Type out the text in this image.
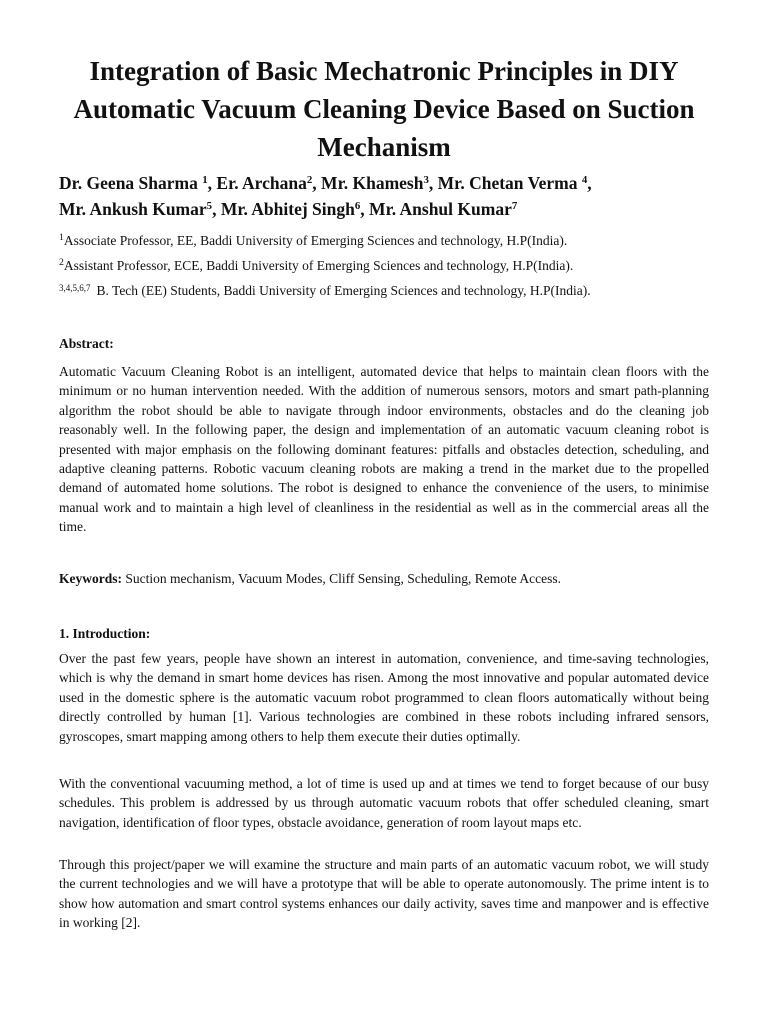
Integration of Basic Mechatronic Principles in DIY Automatic Vacuum Cleaning Device Based on Suction Mechanism

Dr. Geena Sharma $^1$, Er. Archana$^2$, Mr. Khamesh$^3$, Mr. Chetan Verma $^4$,
Mr. Ankush Kumar$^5$, Mr. Abhitej Singh$^6$, Mr. Anshul Kumar$^7$

$^1$Associate Professor, EE, Baddi University of Emerging Sciences and technology, H.P(India).

$^2$Assistant Professor, ECE, Baddi University of Emerging Sciences and technology, H.P(India).

$^{3,4,5,6,7}$ B. Tech (EE) Students, Baddi University of Emerging Sciences and technology, H.P(India).

Abstract:

Automatic Vacuum Cleaning Robot is an intelligent, automated device that helps to maintain clean floors with the minimum or no human intervention needed. With the addition of numerous sensors, motors and smart path-planning algorithm the robot should be able to navigate through indoor environments, obstacles and do the cleaning job reasonably well. In the following paper, the design and implementation of an automatic vacuum cleaning robot is presented with major emphasis on the following dominant features: pitfalls and obstacles detection, scheduling, and adaptive cleaning patterns. Robotic vacuum cleaning robots are making a trend in the market due to the propelled demand of automated home solutions. The robot is designed to enhance the convenience of the users, to minimise manual work and to maintain a high level of cleanliness in the residential as well as in the commercial areas all the time.

Keywords: Suction mechanism, Vacuum Modes, Cliff Sensing, Scheduling, Remote Access.

1. Introduction:

Over the past few years, people have shown an interest in automation, convenience, and time-saving technologies, which is why the demand in smart home devices has risen. Among the most innovative and popular automated device used in the domestic sphere is the automatic vacuum robot programmed to clean floors automatically without being directly controlled by human [1]. Various technologies are combined in these robots including infrared sensors, gyroscopes, smart mapping among others to help them execute their duties optimally.

With the conventional vacuuming method, a lot of time is used up and at times we tend to forget because of our busy schedules. This problem is addressed by us through automatic vacuum robots that offer scheduled cleaning, smart navigation, identification of floor types, obstacle avoidance, generation of room layout maps etc.

Through this project/paper we will examine the structure and main parts of an automatic vacuum robot, we will study the current technologies and we will have a prototype that will be able to operate autonomously. The prime intent is to show how automation and smart control systems enhances our daily activity, saves time and manpower and is effective in working [2].
